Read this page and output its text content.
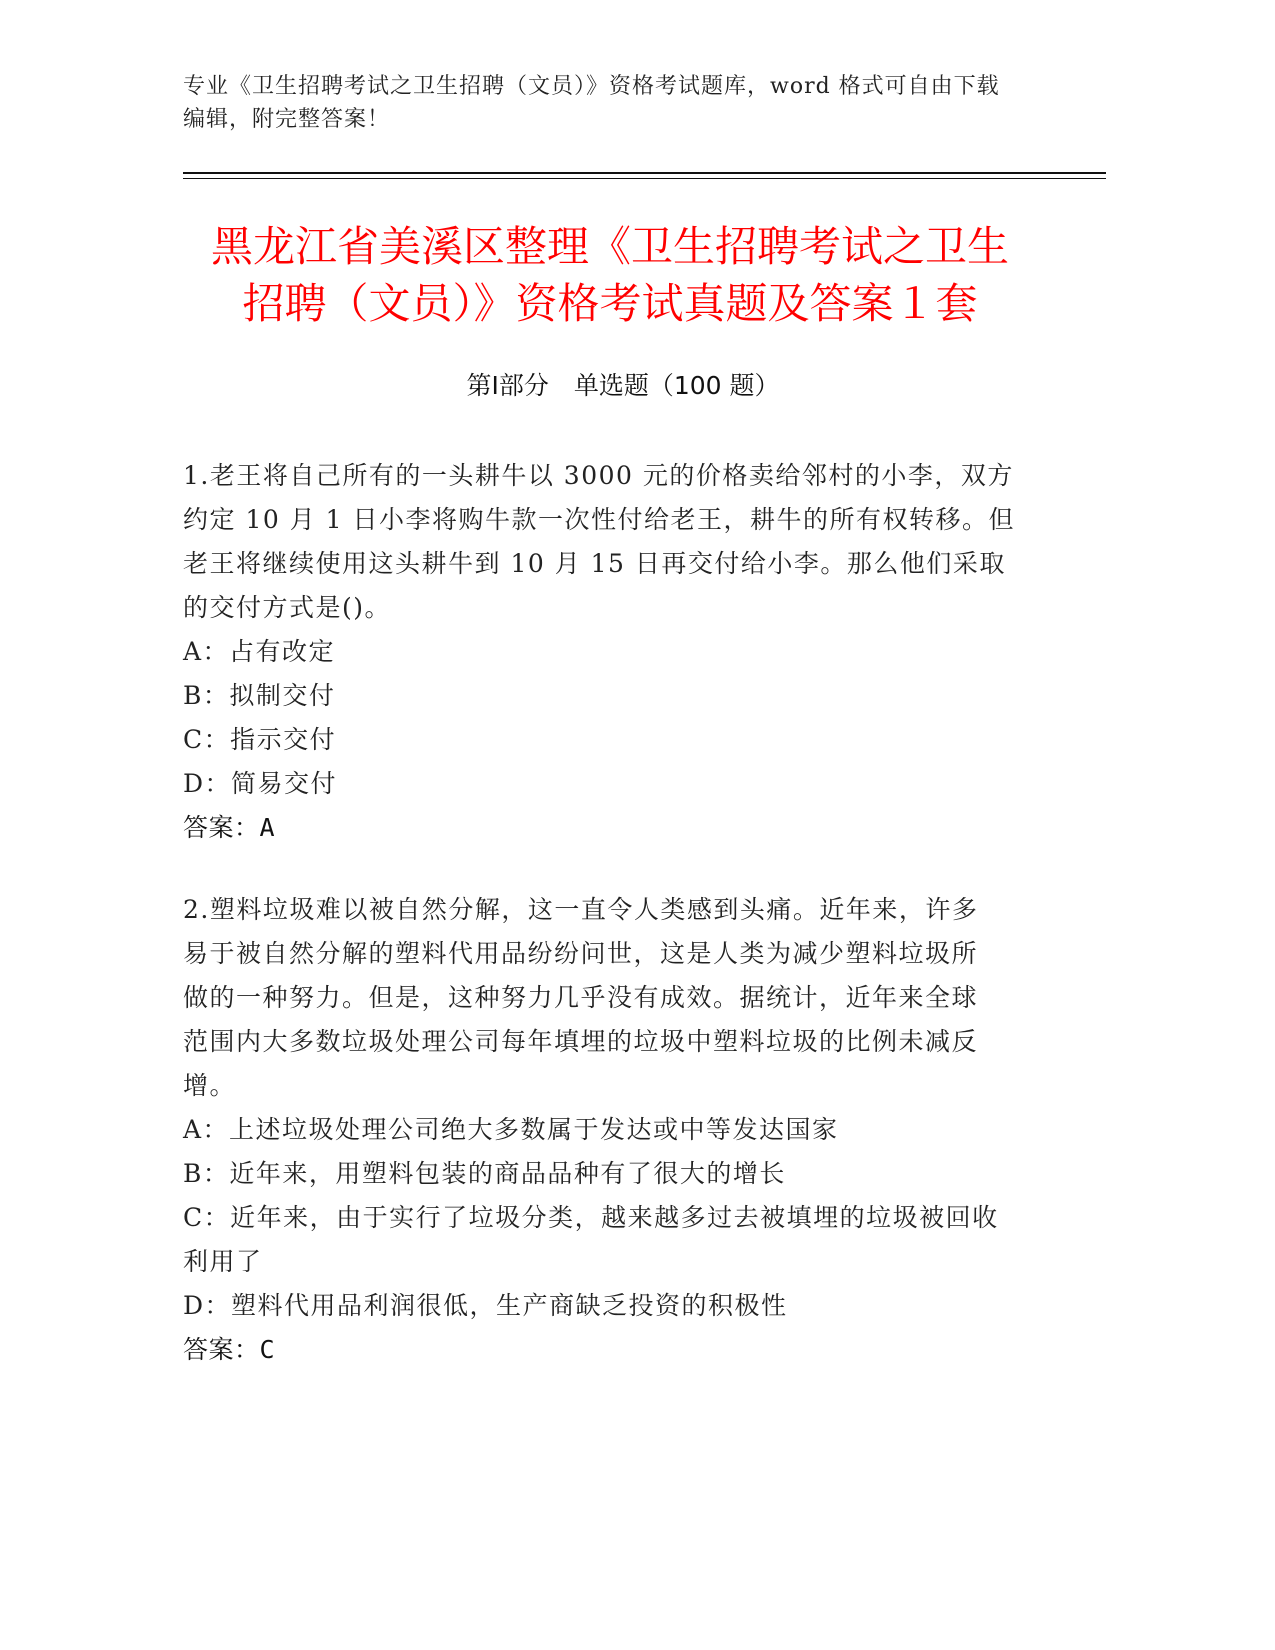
专业《卫生招聘考试之卫生招聘（文员）》资格考试题库，word 格式可自由下载
编辑，附完整答案！
黑龙江省美溪区整理《卫生招聘考试之卫生
招聘（文员）》资格考试真题及答案１套
第Ⅰ部分　单选题（100 题）
1.老王将自己所有的一头耕牛以 3000 元的价格卖给邻村的小李，双方
约定 10 月 1 日小李将购牛款一次性付给老王，耕牛的所有权转移。但
老王将继续使用这头耕牛到 10 月 15 日再交付给小李。那么他们采取
的交付方式是()。
A：占有改定
B：拟制交付
C：指示交付
D：简易交付
答案：A
2.塑料垃圾难以被自然分解，这一直令人类感到头痛。近年来，许多
易于被自然分解的塑料代用品纷纷问世，这是人类为减少塑料垃圾所
做的一种努力。但是，这种努力几乎没有成效。据统计，近年来全球
范围内大多数垃圾处理公司每年填埋的垃圾中塑料垃圾的比例未减反
增。
A：上述垃圾处理公司绝大多数属于发达或中等发达国家
B：近年来，用塑料包装的商品品种有了很大的增长
C：近年来，由于实行了垃圾分类，越来越多过去被填埋的垃圾被回收
利用了
D：塑料代用品利润很低，生产商缺乏投资的积极性
答案：C
